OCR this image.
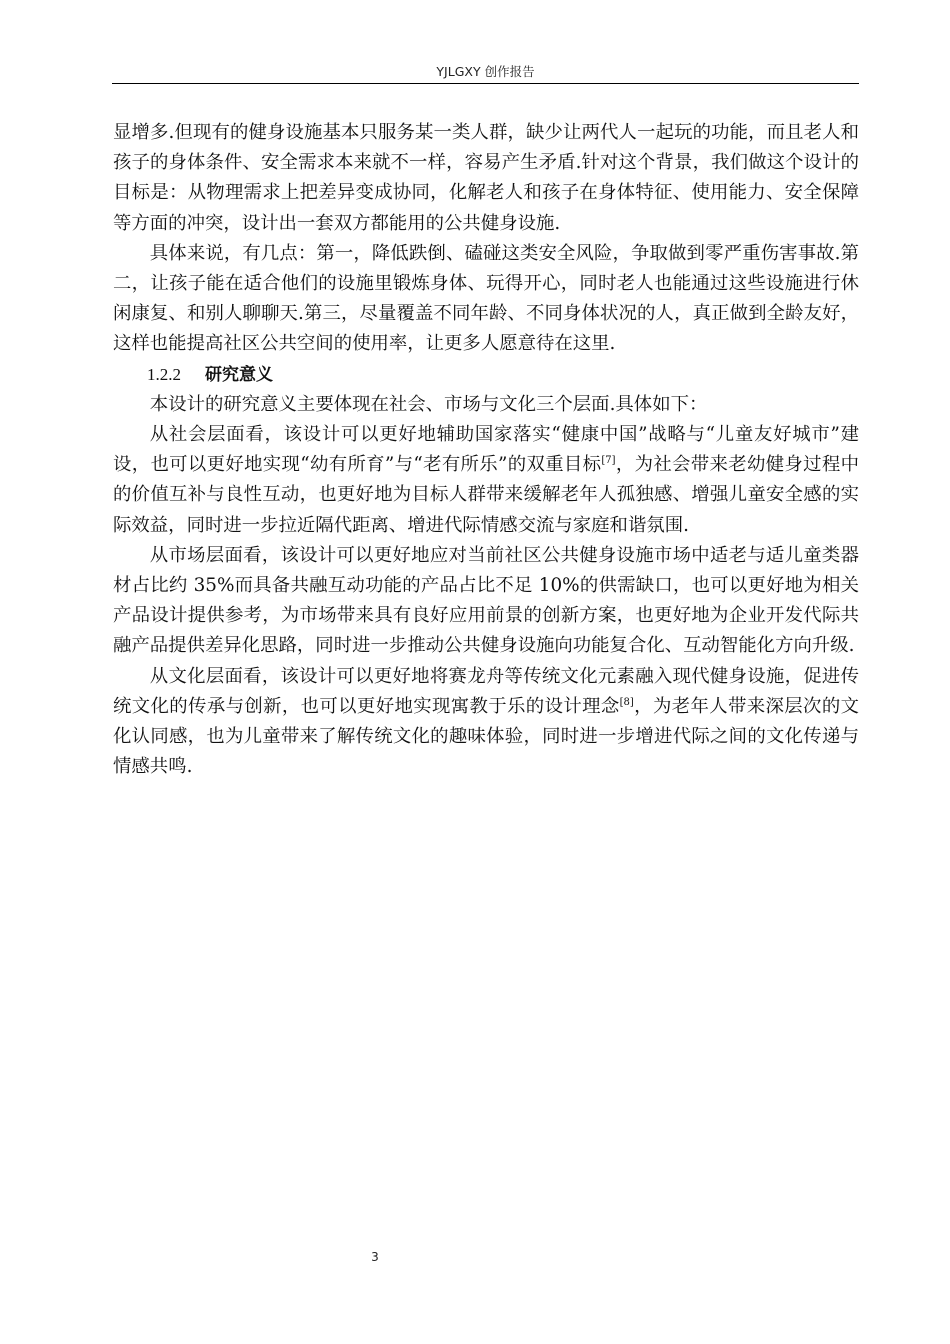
YJLGXY 创作报告

显增多.但现有的健身设施基本只服务某一类人群，缺少让两代人一起玩的功能，而且老人和孩子的身体条件、安全需求本来就不一样，容易产生矛盾.针对这个背景，我们做这个设计的目标是：从物理需求上把差异变成协同，化解老人和孩子在身体特征、使用能力、安全保障等方面的冲突，设计出一套双方都能用的公共健身设施.

具体来说，有几点：第一，降低跌倒、磕碰这类安全风险，争取做到零严重伤害事故.第二，让孩子能在适合他们的设施里锻炼身体、玩得开心，同时老人也能通过这些设施进行休闲康复、和别人聊聊天.第三，尽量覆盖不同年龄、不同身体状况的人，真正做到全龄友好，这样也能提高社区公共空间的使用率，让更多人愿意待在这里.

1.2.2 研究意义

本设计的研究意义主要体现在社会、市场与文化三个层面.具体如下：

从社会层面看，该设计可以更好地辅助国家落实“健康中国”战略与“儿童友好城市”建设，也可以更好地实现“幼有所育”与“老有所乐”的双重目标[7]，为社会带来老幼健身过程中的价值互补与良性互动，也更好地为目标人群带来缓解老年人孤独感、增强儿童安全感的实际效益，同时进一步拉近隔代距离、增进代际情感交流与家庭和谐氛围.

从市场层面看，该设计可以更好地应对当前社区公共健身设施市场中适老与适儿童类器材占比约 35%而具备共融互动功能的产品占比不足 10%的供需缺口，也可以更好地为相关产品设计提供参考，为市场带来具有良好应用前景的创新方案，也更好地为企业开发代际共融产品提供差异化思路，同时进一步推动公共健身设施向功能复合化、互动智能化方向升级.

从文化层面看，该设计可以更好地将赛龙舟等传统文化元素融入现代健身设施，促进传统文化的传承与创新，也可以更好地实现寓教于乐的设计理念[8]，为老年人带来深层次的文化认同感，也为儿童带来了解传统文化的趣味体验，同时进一步增进代际之间的文化传递与情感共鸣.

3
